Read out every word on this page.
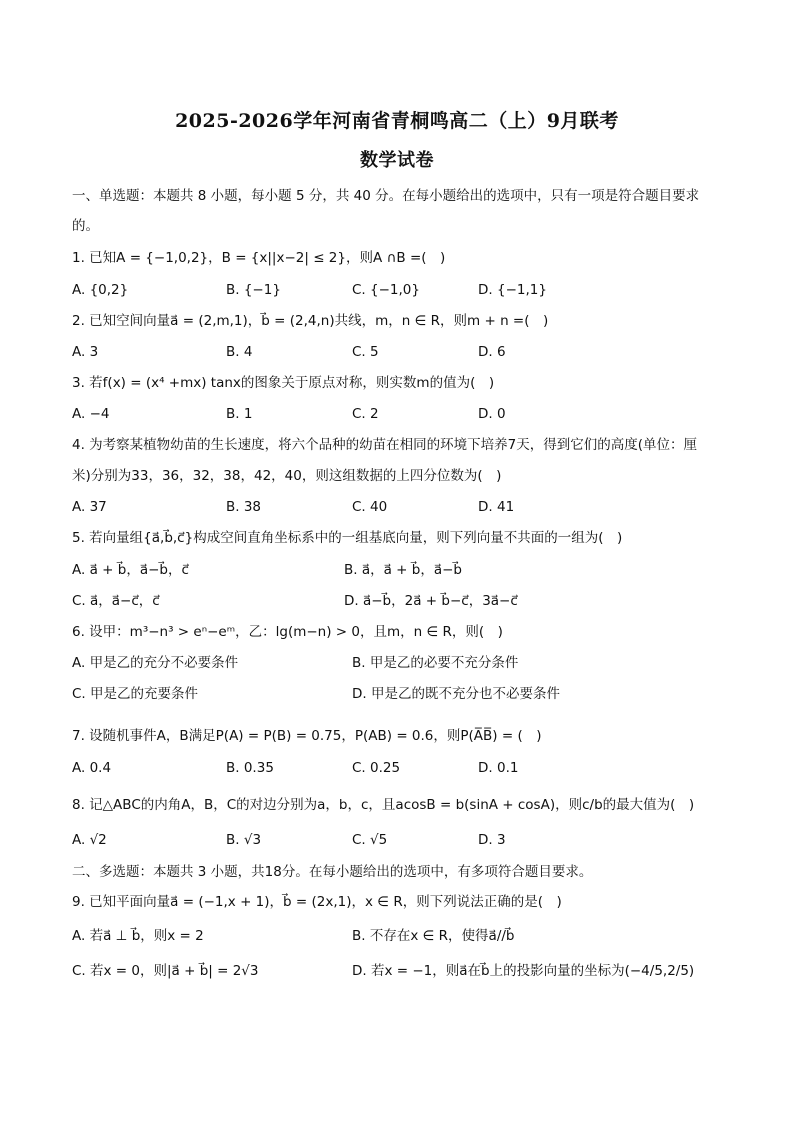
2025-2026学年河南省青桐鸣高二（上）9月联考
数学试卷
一、单选题：本题共 8 小题，每小题 5 分，共 40 分。在每小题给出的选项中，只有一项是符合题目要求
的。
1. 已知A = {−1,0,2}，B = {x||x−2| ≤ 2}，则A ∩B =(　)
A. {0,2}	B. {−1}	C. {−1,0}	D. {−1,1}
2. 已知空间向量a⃗ = (2,m,1)，b⃗ = (2,4,n)共线，m，n ∈ R，则m + n =(　)
A. 3	B. 4	C. 5	D. 6
3. 若f(x) = (x⁴ +mx) tanx的图象关于原点对称，则实数m的值为(　)
A. −4	B. 1	C. 2	D. 0
4. 为考察某植物幼苗的生长速度，将六个品种的幼苗在相同的环境下培养7天，得到它们的高度(单位：厘
米)分别为33，36，32，38，42，40，则这组数据的上四分位数为(　)
A. 37	B. 38	C. 40	D. 41
5. 若向量组{a⃗,b⃗,c⃗}构成空间直角坐标系中的一组基底向量，则下列向量不共面的一组为(　)
A. a⃗ + b⃗，a⃗−b⃗，c⃗	B. a⃗，a⃗ + b⃗，a⃗−b⃗
C. a⃗，a⃗−c⃗，c⃗	D. a⃗−b⃗，2a⃗ + b⃗−c⃗，3a⃗−c⃗
6. 设甲：m³−n³ > eⁿ−eᵐ，乙：lg(m−n) > 0，且m，n ∈ R，则(　)
A. 甲是乙的充分不必要条件	B. 甲是乙的必要不充分条件
C. 甲是乙的充要条件	D. 甲是乙的既不充分也不必要条件
7. 设随机事件A，B满足P(A) = P(B) = 0.75，P(AB) = 0.6，则P(A̅B̅) = (　)
A. 0.4	B. 0.35	C. 0.25	D. 0.1
8. 记△ABC的内角A，B，C的对边分别为a，b，c，且acosB = b(sinA + cosA)，则c/b的最大值为(　)
A. √2	B. √3	C. √5	D. 3
二、多选题：本题共 3 小题，共18分。在每小题给出的选项中，有多项符合题目要求。
9. 已知平面向量a⃗ = (−1,x + 1)，b⃗ = (2x,1)，x ∈ R，则下列说法正确的是(　)
A. 若a⃗ ⊥ b⃗，则x = 2	B. 不存在x ∈ R，使得a⃗//b⃗
C. 若x = 0，则|a⃗ + b⃗| = 2√3	D. 若x = −1，则a⃗在b⃗上的投影向量的坐标为(−4/5,2/5)
